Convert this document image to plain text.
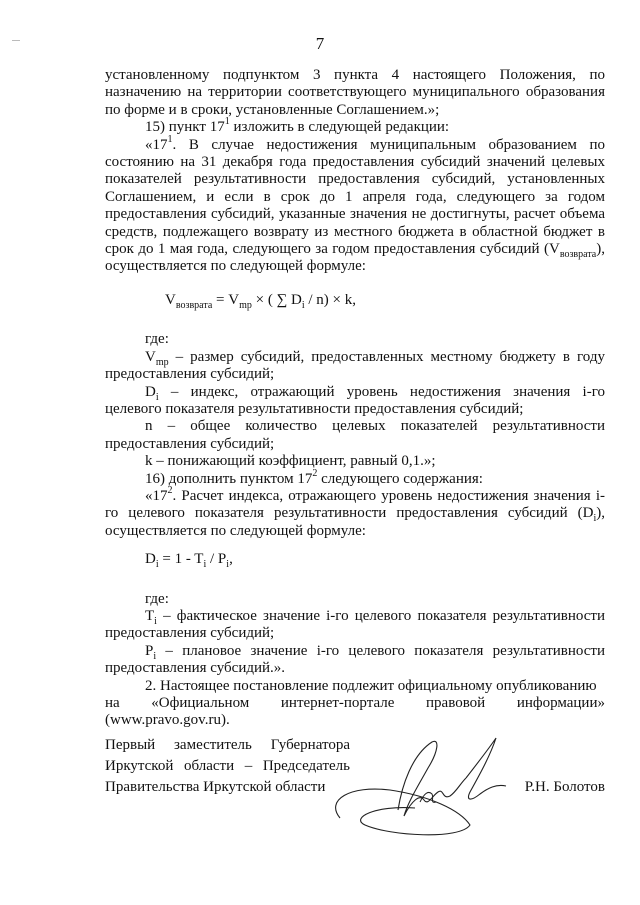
7

установленному подпунктом 3 пункта 4 настоящего Положения, по назначению на территории соответствующего муниципального образования по форме и в сроки, установленные Соглашением.»;

15) пункт $17^1$ изложить в следующей редакции:

«$17^1$. В случае недостижения муниципальным образованием по состоянию на 31 декабря года предоставления субсидий значений целевых показателей результативности предоставления субсидий, установленных Соглашением, и если в срок до 1 апреля года, следующего за годом предоставления субсидий, указанные значения не достигнуты, расчет объема средств, подлежащего возврату из местного бюджета в областной бюджет в срок до 1 мая года, следующего за годом предоставления субсидий $(V_{возврата})$, осуществляется по следующей формуле:

$V_{возврата} = V_{mp}$ × ( ∑ $D_i / n) \times k$,

где:

$V_{mp}$ – размер субсидий, предоставленных местному бюджету в году предоставления субсидий;

$D_i$ – индекс, отражающий уровень недостижения значения i-го целевого показателя результативности предоставления субсидий;

n – общее количество целевых показателей результативности предоставления субсидий;

k – понижающий коэффициент, равный 0,1.»;

16) дополнить пунктом $17^2$ следующего содержания:

«$17^2$. Расчет индекса, отражающего уровень недостижения значения i-го целевого показателя результативности предоставления субсидий $(D_i)$, осуществляется по следующей формуле:

$D_i = 1 - T_i / P_i$,

где:

$T_i$ – фактическое значение i-го целевого показателя результативности предоставления субсидий;

$P_i$ – плановое значение i-го целевого показателя результативности предоставления субсидий.».

2. Настоящее постановление подлежит официальному опубликованию

на «Официальном интернет-портале правовой информации»

(www.pravo.gov.ru).

Первый заместитель Губернатора
Иркутской области – Председатель
Правительства Иркутской области	Р.Н. Болотов
